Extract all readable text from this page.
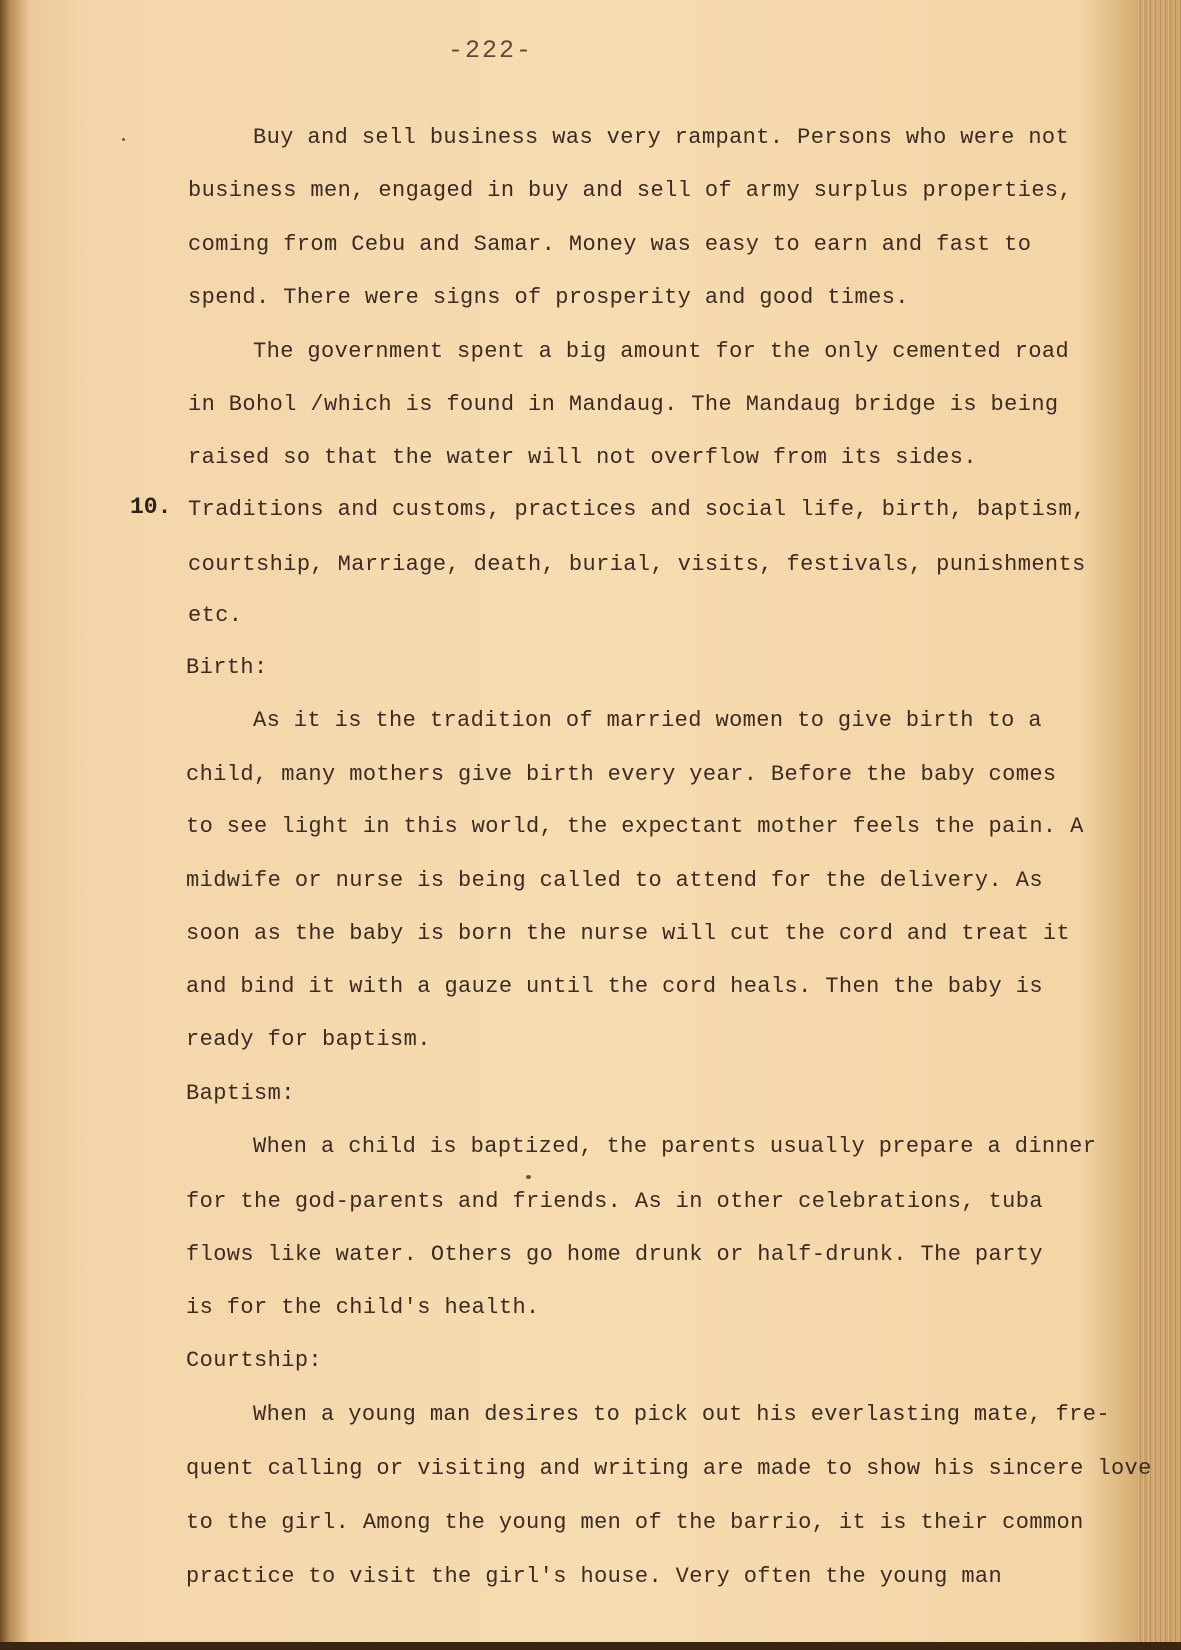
-222-
10.
Buy and sell business was very rampant. Persons who were not
business men, engaged in buy and sell of army surplus properties,
coming from Cebu and Samar. Money was easy to earn and fast to
spend. There were signs of prosperity and good times.
The government spent a big amount for the only cemented road
in Bohol /which is found in Mandaug. The Mandaug bridge is being
raised so that the water will not overflow from its sides.
Traditions and customs, practices and social life, birth, baptism,
courtship, Marriage, death, burial, visits, festivals, punishments
etc.
Birth:
As it is the tradition of married women to give birth to a
child, many mothers give birth every year. Before the baby comes
to see light in this world, the expectant mother feels the pain. A
midwife or nurse is being called to attend for the delivery. As
soon as the baby is born the nurse will cut the cord and treat it
and bind it with a gauze until the cord heals. Then the baby is
ready for baptism.
Baptism:
When a child is baptized, the parents usually prepare a dinner
for the god-parents and friends. As in other celebrations, tuba
flows like water. Others go home drunk or half-drunk. The party
is for the child's health.
Courtship:
When a young man desires to pick out his everlasting mate, fre-
quent calling or visiting and writing are made to show his sincere love
to the girl. Among the young men of the barrio, it is their common
practice to visit the girl's house. Very often the young man
